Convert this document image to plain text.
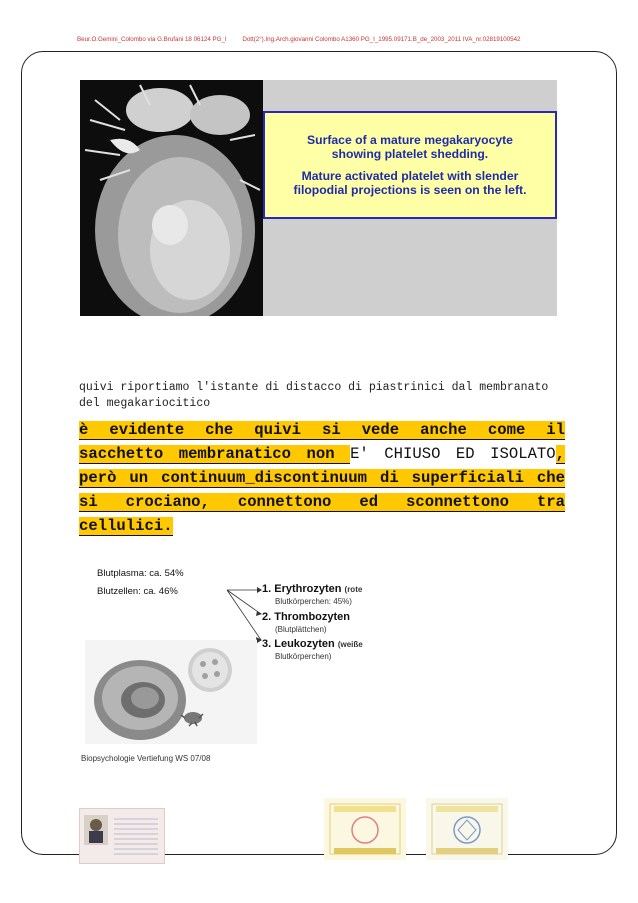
Beur.O.Gemini_Colombo via G.Brufani 18 06124 PG_I	Dott(2°).Ing.Arch.giovanni Colombo A1360 PG_I_1995.09171.B_de_2003_2011 IVA_nr.02819100542
Surface of a mature megakaryocyte
showing platelet shedding.
Mature activated platelet with slender
filopodial projections is seen on the left.
quivi riportiamo l'istante di distacco di piastrinici dal membranato del megakariocitico
è evidente che quivi si vede anche come il sacchetto membranatico non E' CHIUSO ED ISOLATO, però un continuum_discontinuum di superficiali che si crociano, connettono ed sconnettono tra cellulici.
Blutplasma: ca. 54%
Blutzellen: ca. 46%	1. Erythrozyten (rote
Blutkörperchen: 45%)
2. Thrombozyten
(Blutplättchen)
3. Leukozyten (weiße
Blutkörperchen)
Biopsychologie Vertiefung WS 07/08
